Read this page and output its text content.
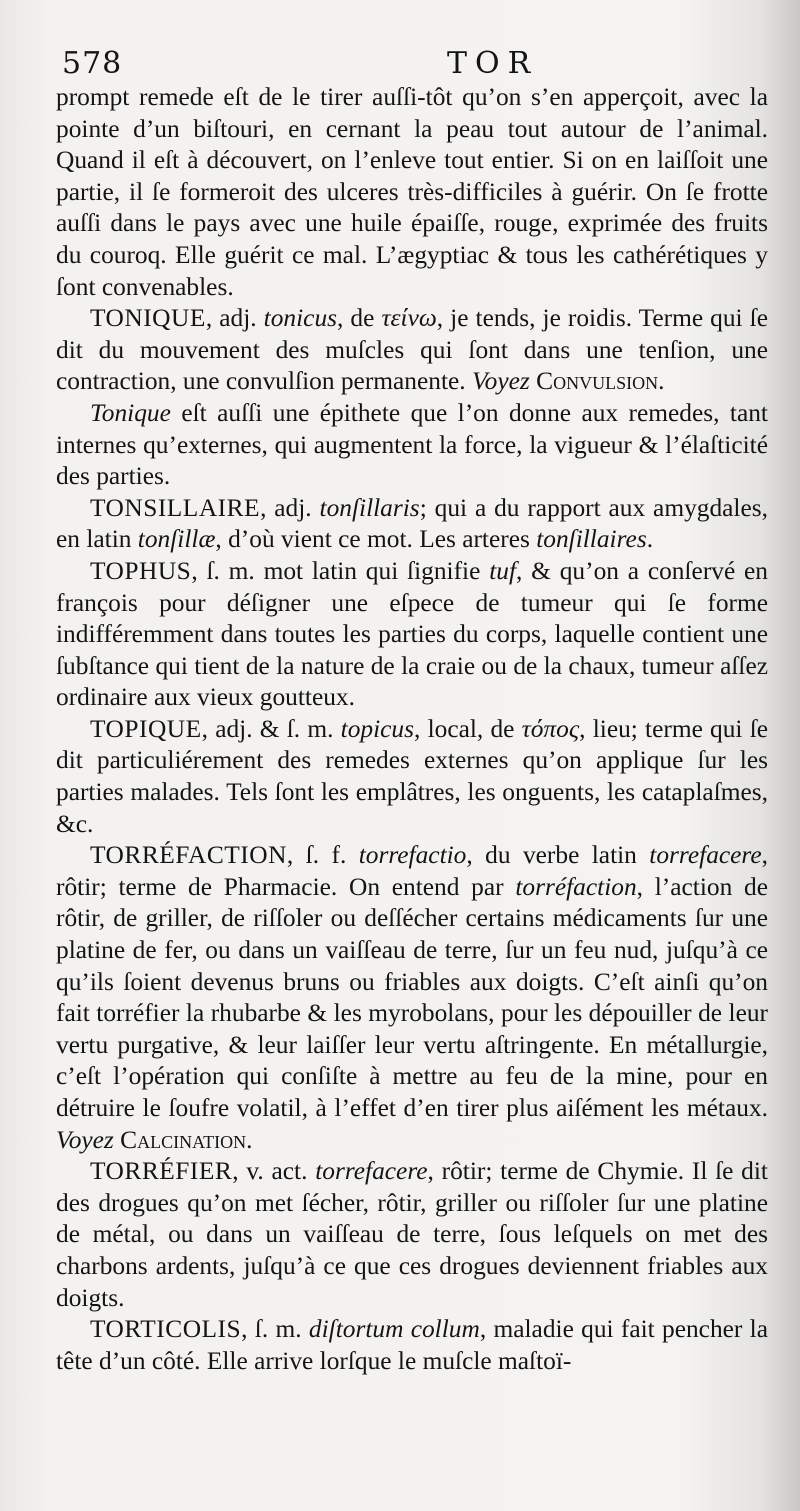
578	TOR

prompt remede eſt de le tirer auſſi-tôt qu’on s’en apperçoit, avec la pointe d’un biſtouri, en cernant la peau tout autour de l’animal. Quand il eſt à découvert, on l’enleve tout entier. Si on en laiſſoit une partie, il ſe formeroit des ulceres très-difficiles à guérir. On ſe frotte auſſi dans le pays avec une huile épaiſſe, rouge, exprimée des fruits du couroq. Elle guérit ce mal. L’ægyptiac & tous les cathérétiques y ſont convenables.

TONIQUE, adj. tonicus, de τείνω, je tends, je roidis. Terme qui ſe dit du mouvement des muſcles qui ſont dans une tenſion, une contraction, une convulſion permanente. Voyez Convulsion.

Tonique eſt auſſi une épithete que l’on donne aux remedes, tant internes qu’externes, qui augmentent la force, la vigueur & l’élaſticité des parties.

TONSILLAIRE, adj. tonſillaris; qui a du rapport aux amygdales, en latin tonſillæ, d’où vient ce mot. Les arteres tonſillaires.

TOPHUS, ſ. m. mot latin qui ſignifie tuf, & qu’on a conſervé en françois pour déſigner une eſpece de tumeur qui ſe forme indifféremment dans toutes les parties du corps, laquelle contient une ſubſtance qui tient de la nature de la craie ou de la chaux, tumeur aſſez ordinaire aux vieux goutteux.

TOPIQUE, adj. & ſ. m. topicus, local, de τόπος, lieu; terme qui ſe dit particuliérement des remedes externes qu’on applique ſur les parties malades. Tels ſont les emplâtres, les onguents, les cataplaſmes, &c.

TORRÉFACTION, ſ. f. torrefactio, du verbe latin torrefacere, rôtir; terme de Pharmacie. On entend par torréfaction, l’action de rôtir, de griller, de riſſoler ou deſſécher certains médicaments ſur une platine de fer, ou dans un vaiſſeau de terre, ſur un feu nud, juſqu’à ce qu’ils ſoient devenus bruns ou friables aux doigts. C’eſt ainſi qu’on fait torréfier la rhubarbe & les myrobolans, pour les dépouiller de leur vertu purgative, & leur laiſſer leur vertu aſtringente. En métallurgie, c’eſt l’opération qui conſiſte à mettre au feu de la mine, pour en détruire le ſoufre volatil, à l’effet d’en tirer plus aiſément les métaux. Voyez Calcination.

TORRÉFIER, v. act. torrefacere, rôtir; terme de Chymie. Il ſe dit des drogues qu’on met ſécher, rôtir, griller ou riſſoler ſur une platine de métal, ou dans un vaiſſeau de terre, ſous leſquels on met des charbons ardents, juſqu’à ce que ces drogues deviennent friables aux doigts.

TORTICOLIS, ſ. m. diſtortum collum, maladie qui fait pencher la tête d’un côté. Elle arrive lorſque le muſcle maſtoï-
